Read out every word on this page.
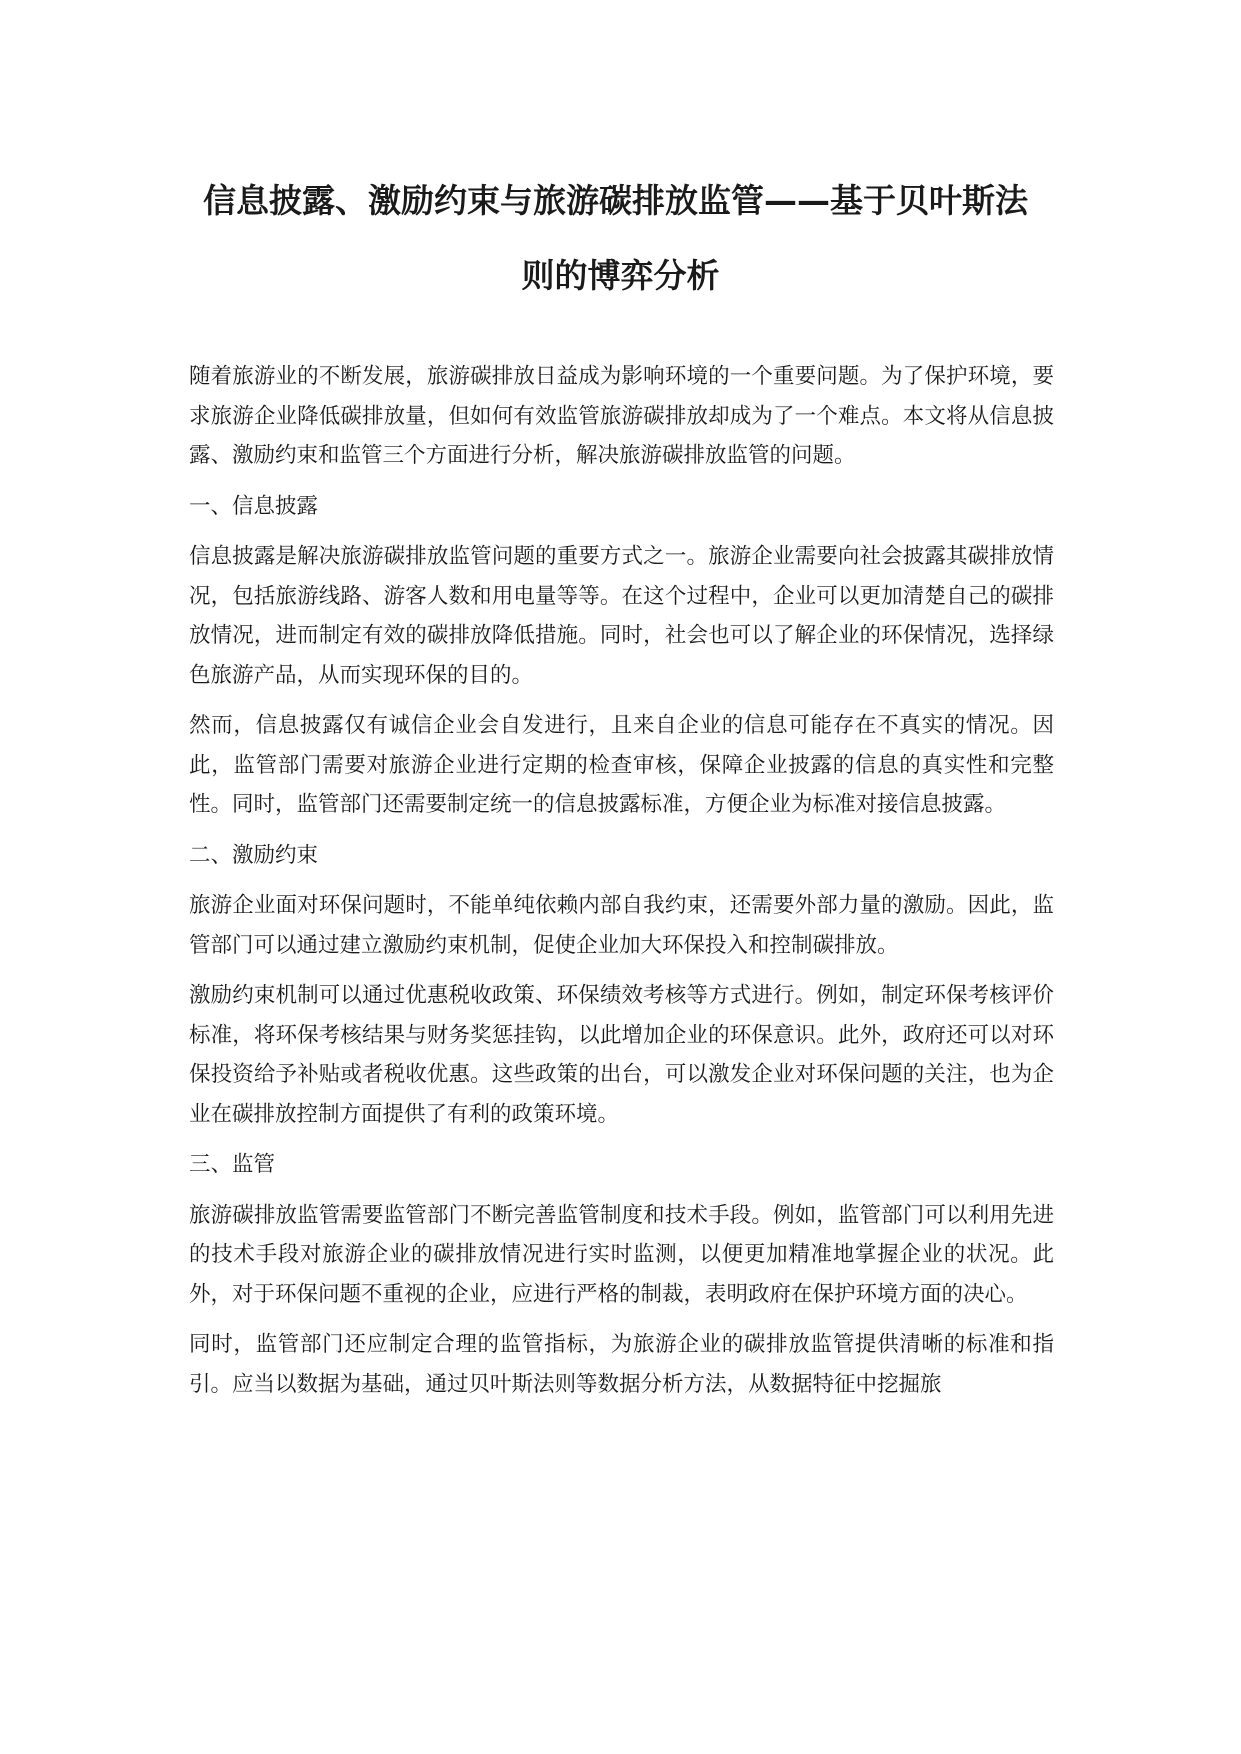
信息披露、激励约束与旅游碳排放监管——基于贝叶斯法
则的博弈分析

随着旅游业的不断发展，旅游碳排放日益成为影响环境的一个重要问题。为了保护环境，要求旅游企业降低碳排放量，但如何有效监管旅游碳排放却成为了一个难点。本文将从信息披露、激励约束和监管三个方面进行分析，解决旅游碳排放监管的问题。

一、信息披露

信息披露是解决旅游碳排放监管问题的重要方式之一。旅游企业需要向社会披露其碳排放情况，包括旅游线路、游客人数和用电量等等。在这个过程中，企业可以更加清楚自己的碳排放情况，进而制定有效的碳排放降低措施。同时，社会也可以了解企业的环保情况，选择绿色旅游产品，从而实现环保的目的。

然而，信息披露仅有诚信企业会自发进行，且来自企业的信息可能存在不真实的情况。因此，监管部门需要对旅游企业进行定期的检查审核，保障企业披露的信息的真实性和完整性。同时，监管部门还需要制定统一的信息披露标准，方便企业为标准对接信息披露。

二、激励约束

旅游企业面对环保问题时，不能单纯依赖内部自我约束，还需要外部力量的激励。因此，监管部门可以通过建立激励约束机制，促使企业加大环保投入和控制碳排放。

激励约束机制可以通过优惠税收政策、环保绩效考核等方式进行。例如，制定环保考核评价标准，将环保考核结果与财务奖惩挂钩，以此增加企业的环保意识。此外，政府还可以对环保投资给予补贴或者税收优惠。这些政策的出台，可以激发企业对环保问题的关注，也为企业在碳排放控制方面提供了有利的政策环境。

三、监管

旅游碳排放监管需要监管部门不断完善监管制度和技术手段。例如，监管部门可以利用先进的技术手段对旅游企业的碳排放情况进行实时监测，以便更加精准地掌握企业的状况。此外，对于环保问题不重视的企业，应进行严格的制裁，表明政府在保护环境方面的决心。

同时，监管部门还应制定合理的监管指标，为旅游企业的碳排放监管提供清晰的标准和指引。应当以数据为基础，通过贝叶斯法则等数据分析方法，从数据特征中挖掘旅
